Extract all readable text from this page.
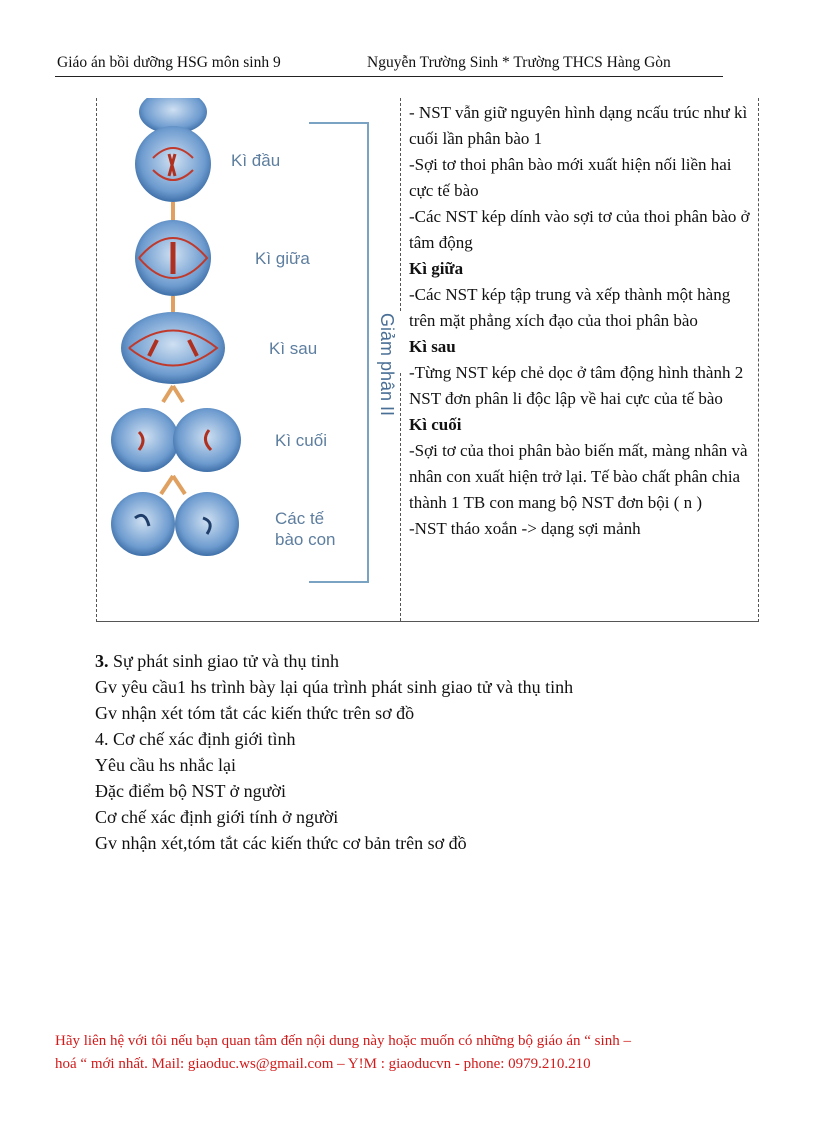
Giáo án bồi dưỡng HSG môn sinh 9	Nguyễn Trường Sinh * Trường THCS Hàng Gòn
Giảm phân II
Kì đầu
Kì giữa
Kì sau
Kì cuối
Các tế
bào con

- NST vẫn giữ nguyên hình dạng ncấu trúc như kì cuối lần phân bào 1

-Sợi tơ thoi phân bào mới xuất hiện nối liền hai cực tế bào

-Các NST kép dính vào sợi tơ của thoi phân bào ở tâm động

Kì giữa

-Các NST kép tập trung và xếp thành một hàng trên mặt phẳng xích đạo của thoi phân bào

Kì sau

-Từng NST kép chẻ dọc ở tâm động hình thành 2 NST đơn phân li độc lập về hai cực của tế bào

Kì cuối

-Sợi tơ của thoi phân bào biến mất, màng nhân và nhân con xuất hiện trở lại. Tế bào chất phân chia thành 1 TB con mang bộ NST đơn bội ( n )

-NST tháo xoắn -> dạng sợi mảnh

3. Sự phát sinh giao tử và thụ tinh

Gv yêu cầu1 hs trình bày lại qúa trình phát sinh giao tử và thụ tinh

Gv nhận xét tóm tắt các kiến thức trên sơ đồ

4. Cơ chế xác định giới tình

Yêu cầu hs nhắc lại

Đặc điểm bộ NST ở người

Cơ chế xác định giới tính ở người

Gv nhận xét,tóm tắt các kiến thức cơ bản trên sơ đồ

Hãy liên hệ với tôi nếu bạn quan tâm đến nội dung này hoặc muốn có những bộ giáo án “ sinh –

hoá “ mới nhất. Mail: giaoduc.ws@gmail.com – Y!M : giaoducvn - phone: 0979.210.210
